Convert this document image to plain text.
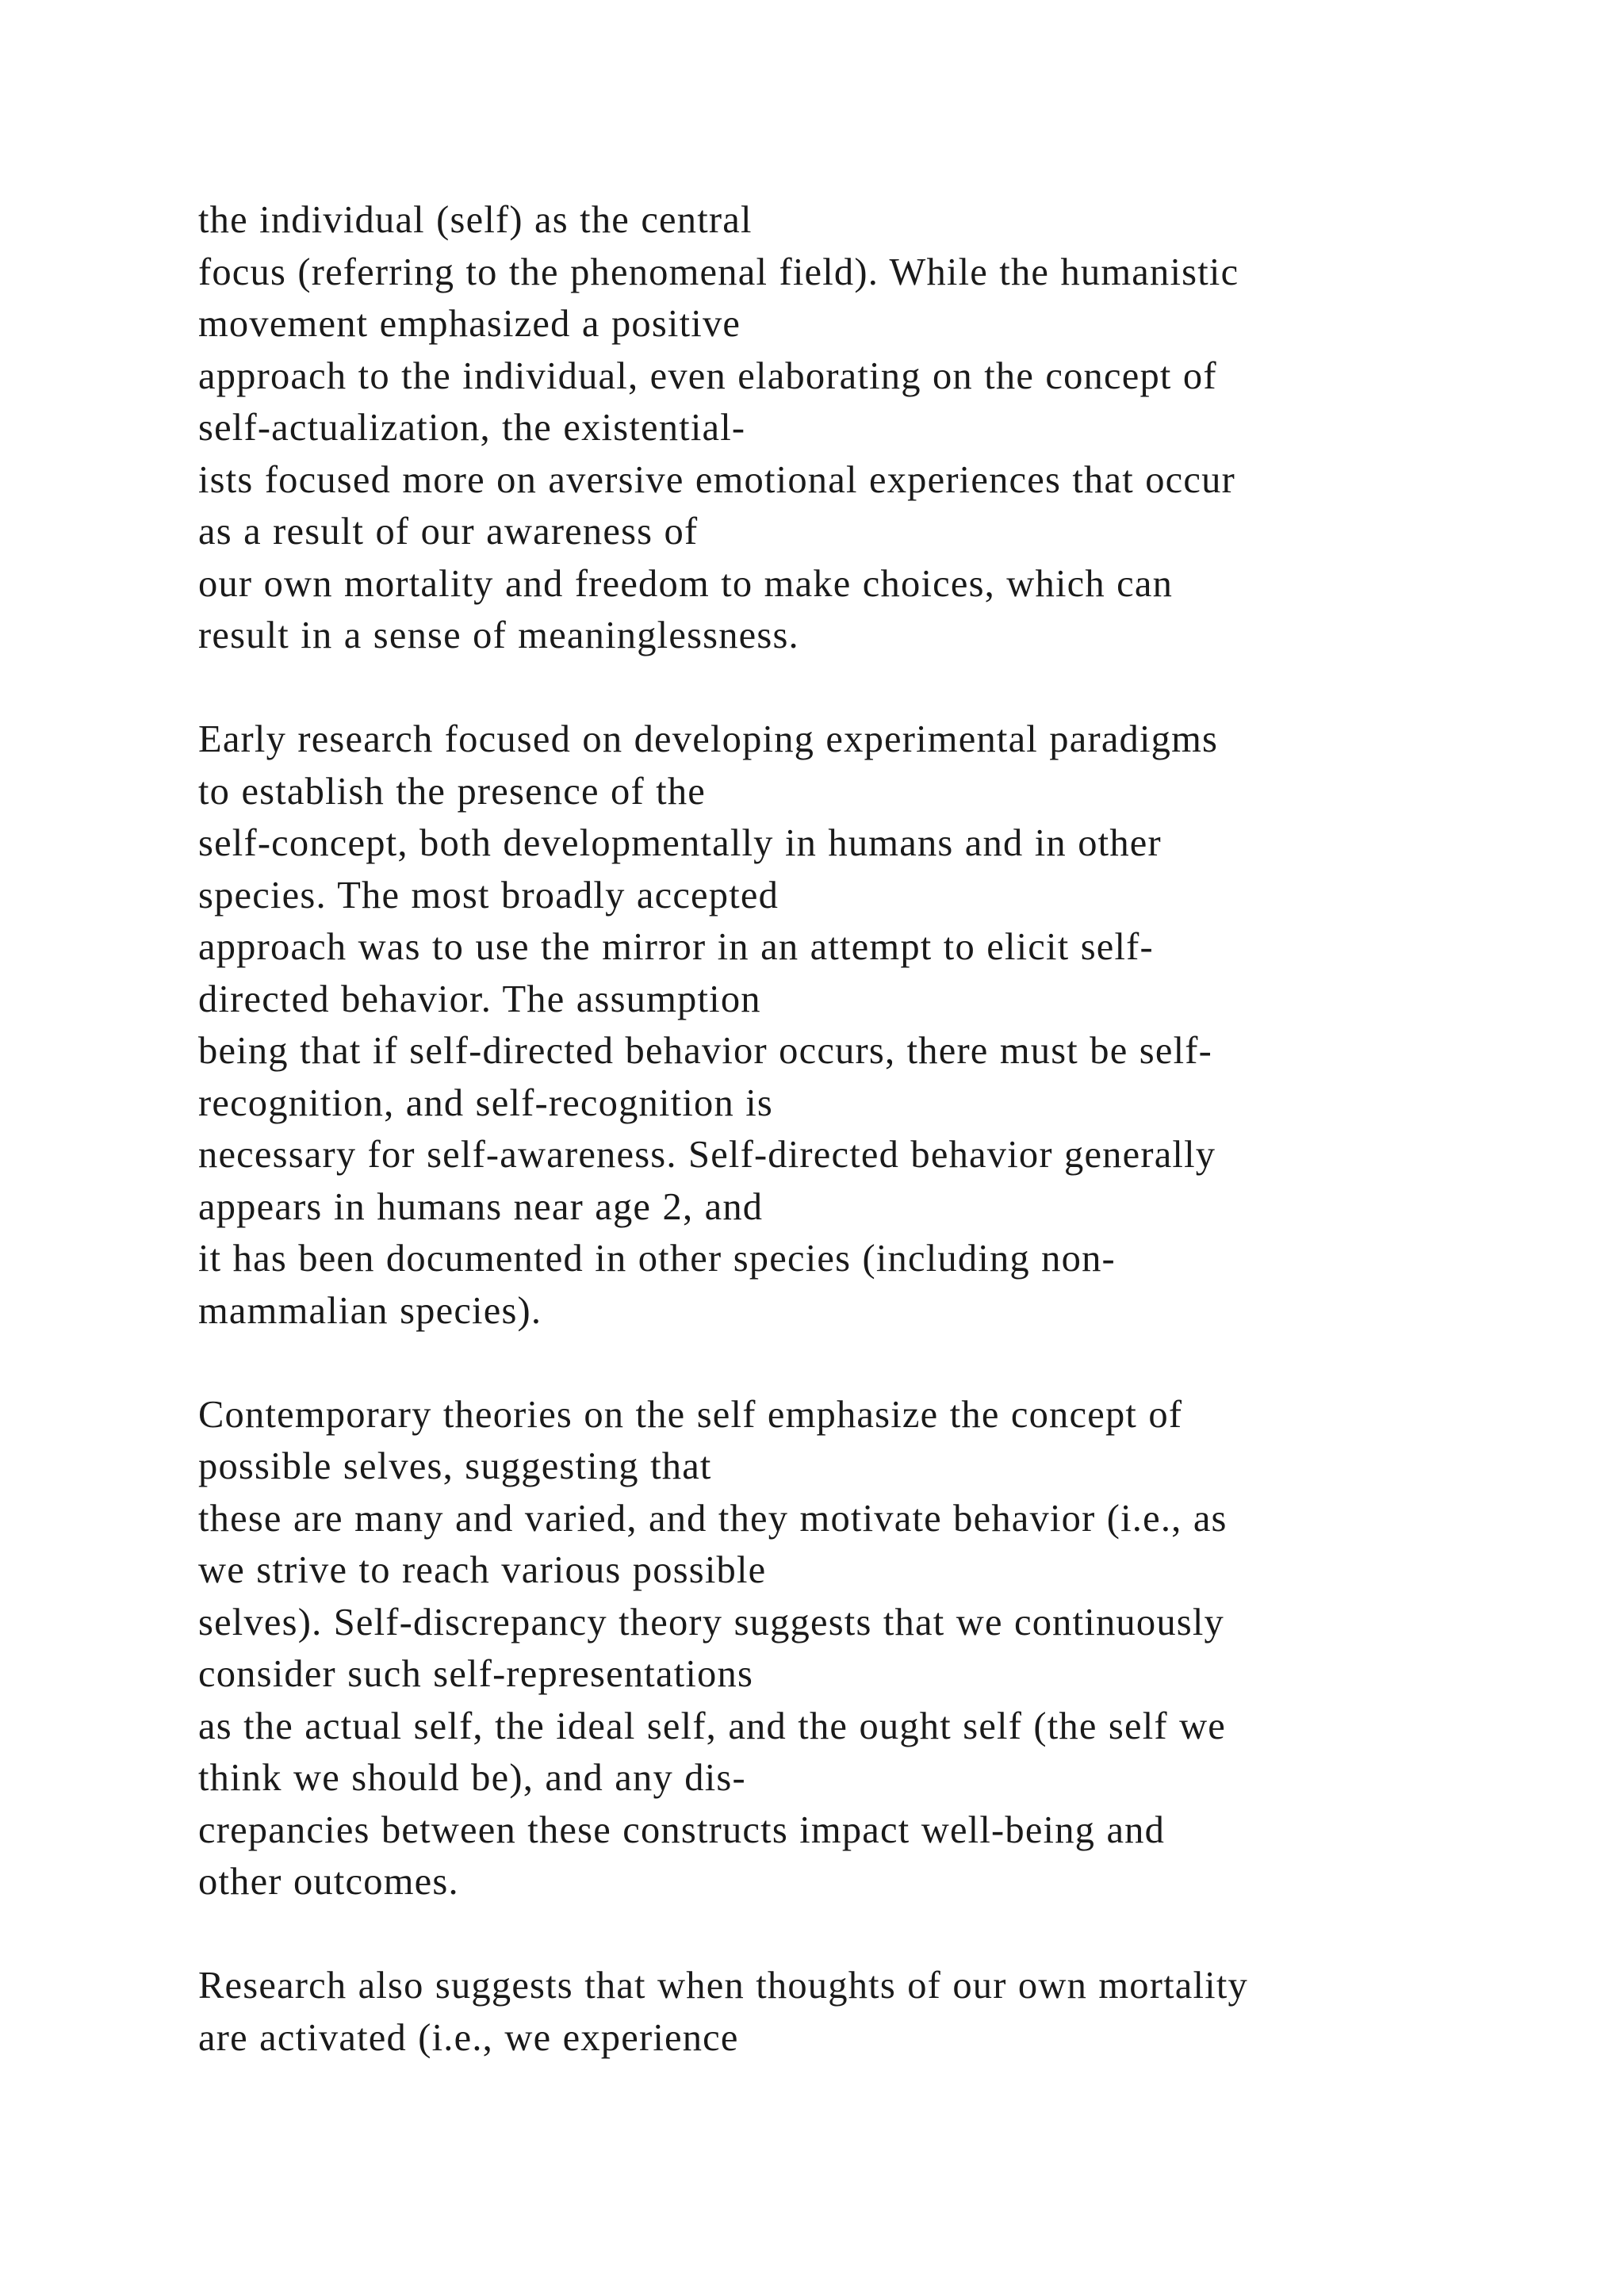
the individual (self) as the central
focus (referring to the phenomenal field). While the humanistic
movement emphasized a positive
approach to the individual, even elaborating on the concept of
self-actualization, the existential-
ists focused more on aversive emotional experiences that occur
as a result of our awareness of
our own mortality and freedom to make choices, which can
result in a sense of meaninglessness.
Early research focused on developing experimental paradigms
to establish the presence of the
self-concept, both developmentally in humans and in other
species. The most broadly accepted
approach was to use the mirror in an attempt to elicit self-
directed behavior. The assumption
being that if self-directed behavior occurs, there must be self-
recognition, and self-recognition is
necessary for self-awareness. Self-directed behavior generally
appears in humans near age 2, and
it has been documented in other species (including non-
mammalian species).
Contemporary theories on the self emphasize the concept of
possible selves, suggesting that
these are many and varied, and they motivate behavior (i.e., as
we strive to reach various possible
selves). Self-discrepancy theory suggests that we continuously
consider such self-representations
as the actual self, the ideal self, and the ought self (the self we
think we should be), and any dis-
crepancies between these constructs impact well-being and
other outcomes.
Research also suggests that when thoughts of our own mortality
are activated (i.e., we experience
